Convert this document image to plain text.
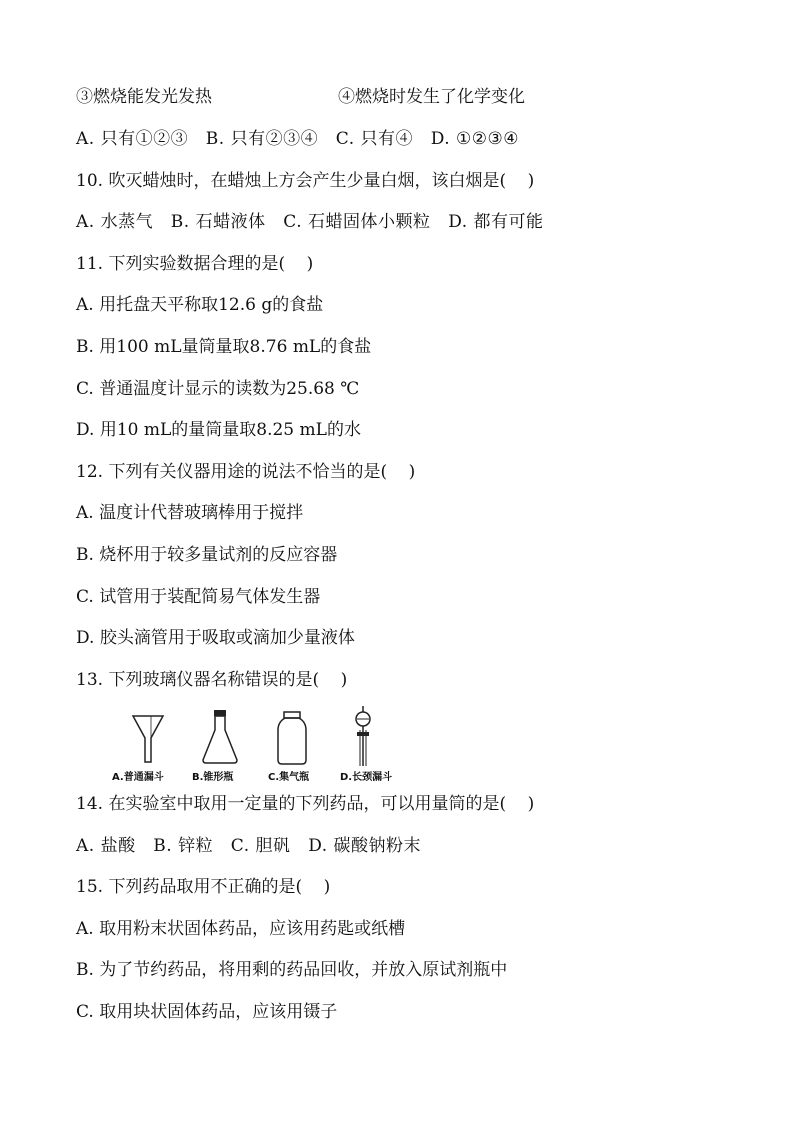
③燃烧能发光发热	④燃烧时发生了化学变化
A. 只有①②③   B. 只有②③④   C. 只有④   D. ①②③④
10. 吹灭蜡烛时，在蜡烛上方会产生少量白烟，该白烟是(    )
A. 水蒸气   B. 石蜡液体   C. 石蜡固体小颗粒   D. 都有可能
11. 下列实验数据合理的是(    )
A. 用托盘天平称取12.6 g的食盐
B. 用100 mL量筒量取8.76 mL的食盐
C. 普通温度计显示的读数为25.68 ℃
D. 用10 mL的量筒量取8.25 mL的水
12. 下列有关仪器用途的说法不恰当的是(    )
A. 温度计代替玻璃棒用于搅拌
B. 烧杯用于较多量试剂的反应容器
C. 试管用于装配简易气体发生器
D. 胶头滴管用于吸取或滴加少量液体
13. 下列玻璃仪器名称错误的是(    )
A.普通漏斗	B.锥形瓶	C.集气瓶	D.长颈漏斗
14. 在实验室中取用一定量的下列药品，可以用量筒的是(    )
A. 盐酸   B. 锌粒   C. 胆矾   D. 碳酸钠粉末
15. 下列药品取用不正确的是(    )
A. 取用粉末状固体药品，应该用药匙或纸槽
B. 为了节约药品，将用剩的药品回收，并放入原试剂瓶中
C. 取用块状固体药品，应该用镊子
